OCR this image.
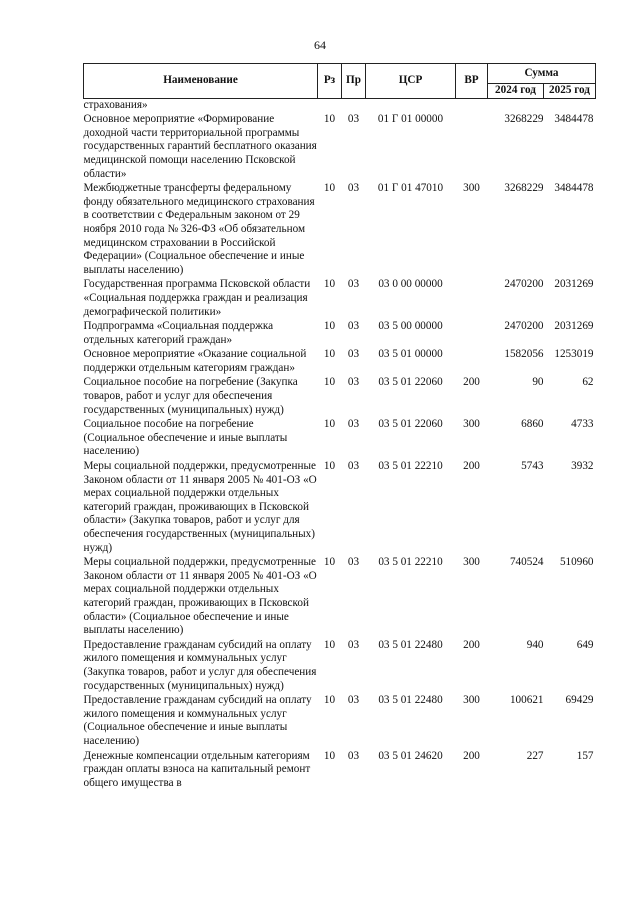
64
Наименование	Рз	Пр	ЦСР	ВР	Сумма	
					2024 год	2025 год
страхования»						
Основное мероприятие «Формирование доходной части территориальной программы государственных гарантий бесплатного оказания медицинской помощи населению Псковской области»	10	03	01 Г 01 00000		3268229	3484478
Межбюджетные трансферты федеральному фонду обязательного медицинского страхования в соответствии с Федеральным законом от 29 ноября 2010 года № 326-ФЗ «Об обязательном медицинском страховании в Российской Федерации» (Социальное обеспечение и иные выплаты населению)	10	03	01 Г 01 47010	300	3268229	3484478
Государственная программа Псковской области «Социальная поддержка граждан и реализация демографической политики»	10	03	03 0 00 00000		2470200	2031269
Подпрограмма «Социальная поддержка отдельных категорий граждан»	10	03	03 5 00 00000		2470200	2031269
Основное мероприятие «Оказание социальной поддержки отдельным категориям граждан»	10	03	03 5 01 00000		1582056	1253019
Социальное пособие на погребение (Закупка товаров, работ и услуг для обеспечения государственных (муниципальных) нужд)	10	03	03 5 01 22060	200	90	62
Социальное пособие на погребение (Социальное обеспечение и иные выплаты населению)	10	03	03 5 01 22060	300	6860	4733
Меры социальной поддержки, предусмотренные Законом области от 11 января 2005 № 401-ОЗ «О мерах социальной поддержки отдельных категорий граждан, проживающих в Псковской области» (Закупка товаров, работ и услуг для обеспечения государственных (муниципальных) нужд)	10	03	03 5 01 22210	200	5743	3932
Меры социальной поддержки, предусмотренные Законом области от 11 января 2005 № 401-ОЗ «О мерах социальной поддержки отдельных категорий граждан, проживающих в Псковской области» (Социальное обеспечение и иные выплаты населению)	10	03	03 5 01 22210	300	740524	510960
Предоставление гражданам субсидий на оплату жилого помещения и коммунальных услуг (Закупка товаров, работ и услуг для обеспечения государственных (муниципальных) нужд)	10	03	03 5 01 22480	200	940	649
Предоставление гражданам субсидий на оплату жилого помещения и коммунальных услуг (Социальное обеспечение и иные выплаты населению)	10	03	03 5 01 22480	300	100621	69429
Денежные компенсации отдельным категориям граждан оплаты взноса на капитальный ремонт общего имущества в	10	03	03 5 01 24620	200	227	157
